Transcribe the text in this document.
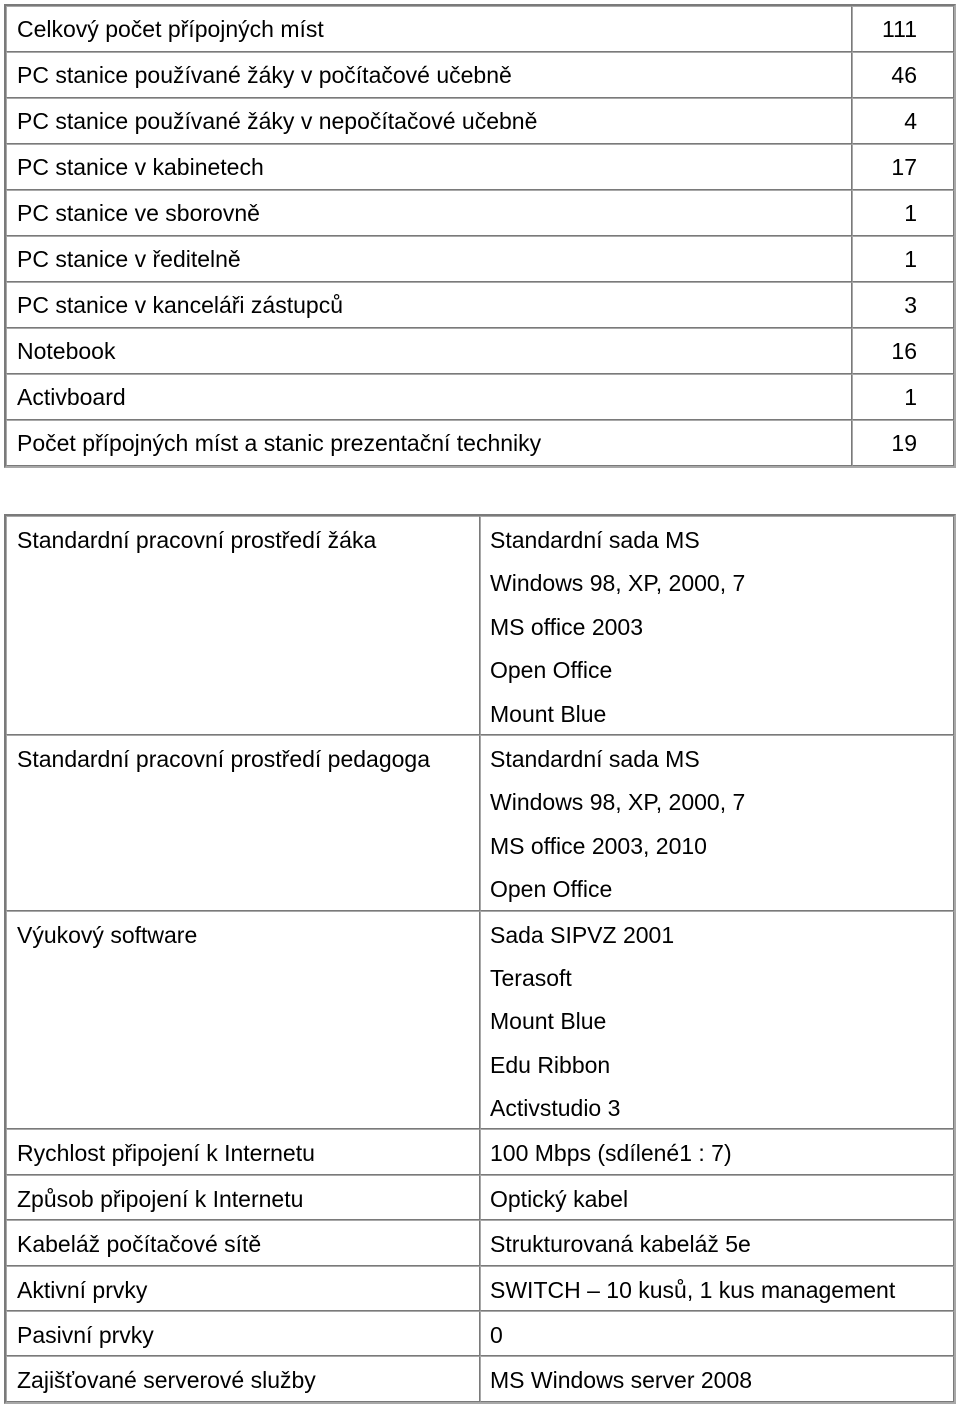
Celkový počet přípojných míst	111

PC stanice používané žáky v počítačové učebně	46

PC stanice používané žáky v nepočítačové učebně	4

PC stanice v kabinetech	17

PC stanice ve sborovně	1

PC stanice v ředitelně	1

PC stanice v kanceláři zástupců	3

Notebook	16

Activboard	1

Počet přípojných míst a stanic prezentační techniky	19
Standardní pracovní prostředí žáka	Standardní sada MS
Windows 98, XP, 2000, 7
MS office 2003
Open Office
Mount Blue

Standardní pracovní prostředí pedagoga	Standardní sada MS
Windows 98, XP, 2000, 7
MS office 2003, 2010
Open Office

Výukový software	Sada SIPVZ 2001
Terasoft
Mount Blue
Edu Ribbon
Activstudio 3

Rychlost připojení k Internetu	100 Mbps (sdílené1 : 7)

Způsob připojení k Internetu	Optický kabel

Kabeláž počítačové sítě	Strukturovaná kabeláž 5e

Aktivní prvky	SWITCH – 10 kusů, 1 kus management

Pasivní prvky	0

Zajišťované serverové služby	MS Windows server 2008
